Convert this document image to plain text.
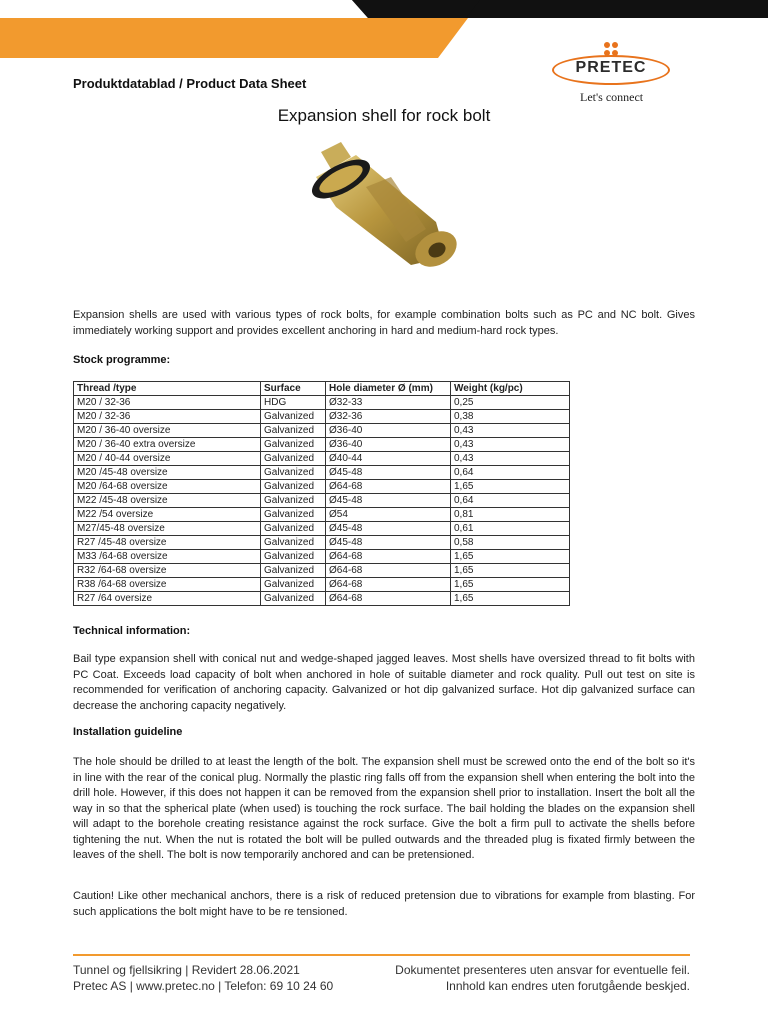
Produktdatablad / Product Data Sheet
PRETEC
Let's connect
Expansion shell for rock bolt
Expansion shells are used with various types of rock bolts, for example combination bolts such as PC and NC bolt. Gives immediately working support and provides excellent anchoring in hard and medium-hard rock types.
Stock programme:
Thread /type	Surface	Hole diameter Ø (mm)	Weight (kg/pc)
M20 / 32-36	HDG	Ø32-33	0,25
M20 / 32-36	Galvanized	Ø32-36	0,38
M20 / 36-40 oversize	Galvanized	Ø36-40	0,43
M20 / 36-40 extra oversize	Galvanized	Ø36-40	0,43
M20 / 40-44 oversize	Galvanized	Ø40-44	0,43
M20 /45-48 oversize	Galvanized	Ø45-48	0,64
M20 /64-68 oversize	Galvanized	Ø64-68	1,65
M22 /45-48 oversize	Galvanized	Ø45-48	0,64
M22 /54 oversize	Galvanized	Ø54	0,81
M27/45-48 oversize	Galvanized	Ø45-48	0,61
R27 /45-48 oversize	Galvanized	Ø45-48	0,58
M33 /64-68 oversize	Galvanized	Ø64-68	1,65
R32 /64-68 oversize	Galvanized	Ø64-68	1,65
R38 /64-68 oversize	Galvanized	Ø64-68	1,65
R27 /64 oversize	Galvanized	Ø64-68	1,65
Technical information:
Bail type expansion shell with conical nut and wedge-shaped jagged leaves. Most shells have oversized thread to fit bolts with PC Coat. Exceeds load capacity of bolt when anchored in hole of suitable diameter and rock quality. Pull out test on site is recommended for verification of anchoring capacity. Galvanized or hot dip galvanized surface. Hot dip galvanized surface can decrease the anchoring capacity negatively.
Installation guideline
The hole should be drilled to at least the length of the bolt. The expansion shell must be screwed onto the end of the bolt so it's in line with the rear of the conical plug. Normally the plastic ring falls off from the expansion shell when entering the bolt into the drill hole. However, if this does not happen it can be removed from the expansion shell prior to installation. Insert the bolt all the way in so that the spherical plate (when used) is touching the rock surface. The bail holding the blades on the expansion shell will adapt to the borehole creating resistance against the rock surface. Give the bolt a firm pull to activate the shells before tightening the nut. When the nut is rotated the bolt will be pulled outwards and the threaded plug is fixated firmly between the leaves of the shell. The bolt is now temporarily anchored and can be pretensioned.
Caution! Like other mechanical anchors, there is a risk of reduced pretension due to vibrations for example from blasting. For such applications the bolt might have to be re tensioned.
Tunnel og fjellsikring | Revidert 28.06.2021
Pretec AS | www.pretec.no | Telefon: 69 10 24 60
Dokumentet presenteres uten ansvar for eventuelle feil.
Innhold kan endres uten forutgående beskjed.
